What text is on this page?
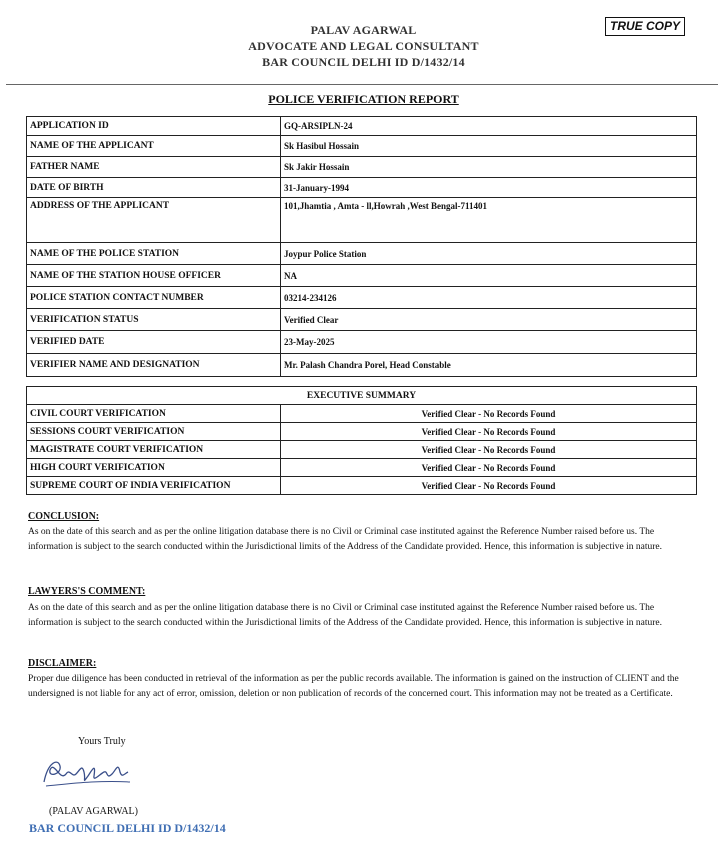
PALAV AGARWAL
ADVOCATE AND LEGAL CONSULTANT
BAR COUNCIL DELHI ID D/1432/14
TRUE COPY
POLICE VERIFICATION REPORT
APPLICATION ID	GQ-ARSIPLN-24
NAME OF THE APPLICANT	Sk Hasibul Hossain
FATHER NAME	Sk Jakir Hossain
DATE OF BIRTH	31-January-1994
ADDRESS OF THE APPLICANT	101,Jhamtia , Amta - ll,Howrah ,West Bengal-711401
NAME OF THE POLICE STATION	Joypur Police Station
NAME OF THE STATION HOUSE OFFICER	NA
POLICE STATION CONTACT NUMBER	03214-234126
VERIFICATION STATUS	Verified Clear
VERIFIED DATE	23-May-2025
VERIFIER NAME AND DESIGNATION	Mr. Palash Chandra Porel, Head Constable
EXECUTIVE SUMMARY	
CIVIL COURT VERIFICATION	Verified Clear - No Records Found
SESSIONS COURT VERIFICATION	Verified Clear - No Records Found
MAGISTRATE COURT VERIFICATION	Verified Clear - No Records Found
HIGH COURT VERIFICATION	Verified Clear - No Records Found
SUPREME COURT OF INDIA VERIFICATION	Verified Clear - No Records Found
CONCLUSION:
As on the date of this search and as per the online litigation database there is no Civil or Criminal case instituted against the Reference Number raised before us. The information is subject to the search conducted within the Jurisdictional limits of the Address of the Candidate provided. Hence, this information is subjective in nature.
LAWYERS'S COMMENT:
As on the date of this search and as per the online litigation database there is no Civil or Criminal case instituted against the Reference Number raised before us. The information is subject to the search conducted within the Jurisdictional limits of the Address of the Candidate provided. Hence, this information is subjective in nature.
DISCLAIMER:
Proper due diligence has been conducted in retrieval of the information as per the public records available. The information is gained on the instruction of CLIENT and the undersigned is not liable for any act of error, omission, deletion or non publication of records of the concerned court. This information may not be treated as a Certificate.
Yours Truly
(PALAV AGARWAL)
BAR COUNCIL DELHI ID D/1432/14
